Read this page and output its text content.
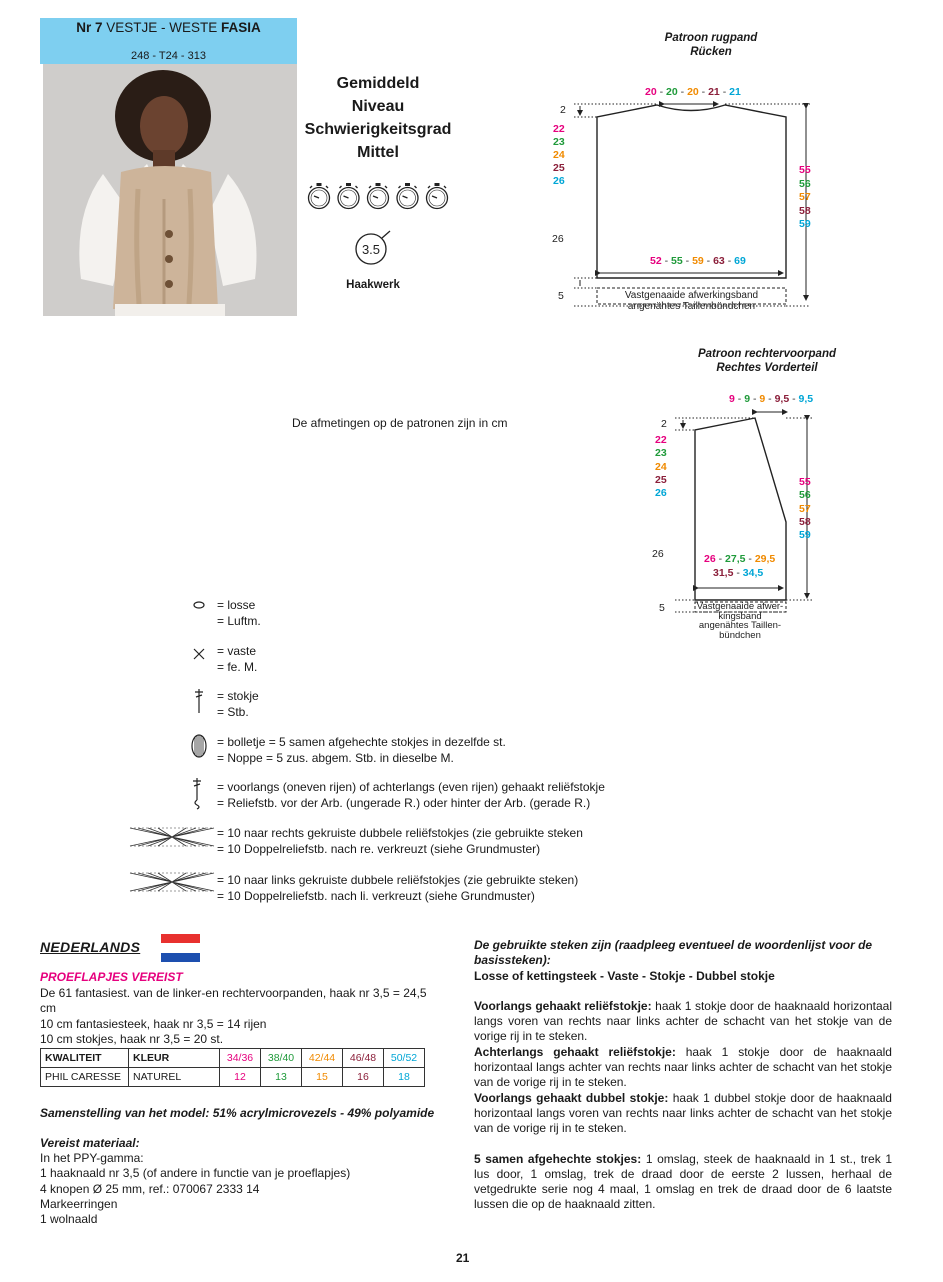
Nr 7 VESTJE - WESTE FASIA
248 - T24 - 313
Gemiddeld
Niveau
Schwierigkeitsgrad
Mittel
3.5
Haakwerk
Patroon rugpand
Rücken
20 - 20 - 20 - 21 - 21
2
22
23
24
25
26
26
55
56
57
58
59
52 - 55 - 59 - 63 - 69
5	Vastgenaaide afwerkingsband
angenähtes Taillenbündchen
Patroon rechtervoorpand
Rechtes Vorderteil
9 - 9 - 9 - 9,5 - 9,5
2
22
23
24
25
26
26
55
56
57
58
59
26 - 27,5 - 29,5
31,5 - 34,5
5	Vastgenaaide afwer-
kingsband
angenähtes Taillen-
bündchen
De afmetingen op de patronen zijn in cm
= losse
= Luftm.
= vaste
= fe. M.
= stokje
= Stb.
= bolletje = 5 samen afgehechte stokjes in dezelfde st.
= Noppe = 5 zus. abgem. Stb. in dieselbe M.
= voorlangs (oneven rijen) of achterlangs (even rijen) gehaakt reliëfstokje
= Reliefstb. vor der Arb. (ungerade R.) oder hinter der Arb. (gerade R.)
= 10 naar rechts gekruiste dubbele reliëfstokjes (zie gebruikte steken
= 10 Doppelreliefstb. nach re. verkreuzt (siehe Grundmuster)
= 10 naar links gekruiste dubbele reliëfstokjes (zie gebruikte steken)
= 10 Doppelreliefstb. nach li. verkreuzt (siehe Grundmuster)
NEDERLANDS
PROEFLAPJES VEREIST
De 61 fantasiest. van de linker-en rechtervoorpanden, haak nr 3,5 = 24,5
cm
10 cm fantasiesteek, haak nr 3,5 = 14 rijen
10 cm stokjes, haak nr 3,5 = 20 st.
KWALITEIT	KLEUR	34/36	38/40	42/44	46/48	50/52
PHIL CARESSE	NATUREL	12	13	15	16	18
Samenstelling van het model: 51% acrylmicrovezels - 49% polyamide
Vereist materiaal:
In het PPY-gamma:
1 haaknaald nr 3,5 (of andere in functie van je proeflapjes)
4 knopen Ø 25 mm, ref.: 070067 2333 14
Markeerringen
1 wolnaald
De gebruikte steken zijn (raadpleeg eventueel de woordenlijst voor de basissteken):
Losse of kettingsteek - Vaste - Stokje - Dubbel stokje
Voorlangs gehaakt reliëfstokje: haak 1 stokje door de haaknaald horizontaal langs voren van rechts naar links achter de schacht van het stokje van de vorige rij in te steken.
Achterlangs gehaakt reliëfstokje: haak 1 stokje door de haaknaald horizontaal langs achter van rechts naar links achter de schacht van het stokje van de vorige rij in te steken.
Voorlangs gehaakt dubbel stokje: haak 1 dubbel stokje door de haaknaald horizontaal langs voren van rechts naar links achter de schacht van het stokje van de vorige rij in te steken.
5 samen afgehechte stokjes: 1 omslag, steek de haaknaald in 1 st., trek 1 lus door, 1 omslag, trek de draad door de eerste 2 lussen, herhaal de vetgedrukte serie nog 4 maal, 1 omslag en trek de draad door de 6 laatste lussen die op de haaknaald zitten.
21
